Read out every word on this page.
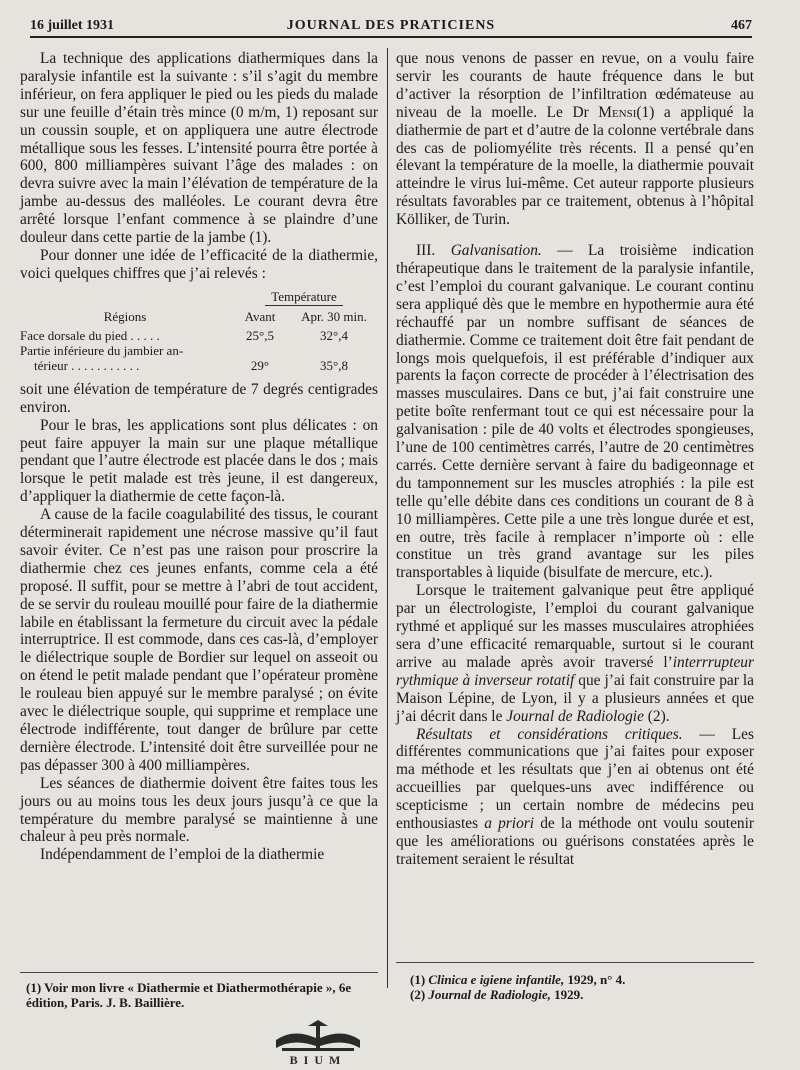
16 juillet 1931	JOURNAL DES PRATICIENS	467

La technique des applications diathermiques dans la paralysie infantile est la suivante : s’il s’agit du membre inférieur, on fera appliquer le pied ou les pieds du malade sur une feuille d’étain très mince (0 m/m, 1) reposant sur un coussin souple, et on appliquera une autre électrode métallique sous les fesses. L’intensité pourra être portée à 600, 800 milliampères suivant l’âge des malades : on devra suivre avec la main l’élévation de température de la jambe au-dessus des malléoles. Le courant devra être arrêté lorsque l’enfant commence à se plaindre d’une douleur dans cette partie de la jambe (1).

Pour donner une idée de l’efficacité de la diathermie, voici quelques chiffres que j’ai relevés :

	Température	
Régions	Avant	Apr. 30 min.
Face dorsale du pied . . . . .	25°,5	32°,4

Partie inférieure du jambier an-
térieur . . . . . . . . . . .	29°	35°,8

soit une élévation de température de 7 degrés centigrades environ.

Pour le bras, les applications sont plus délicates : on peut faire appuyer la main sur une plaque métallique pendant que l’autre électrode est placée dans le dos ; mais lorsque le petit malade est très jeune, il est dangereux, d’appliquer la diathermie de cette façon-là.

A cause de la facile coagulabilité des tissus, le courant déterminerait rapidement une nécrose massive qu’il faut savoir éviter. Ce n’est pas une raison pour proscrire la diathermie chez ces jeunes enfants, comme cela a été proposé. Il suffit, pour se mettre à l’abri de tout accident, de se servir du rouleau mouillé pour faire de la diathermie labile en établissant la fermeture du circuit avec la pédale interruptrice. Il est commode, dans ces cas-là, d’employer le diélectrique souple de Bordier sur lequel on asseoit ou on étend le petit malade pendant que l’opérateur promène le rouleau bien appuyé sur le membre paralysé ; on évite avec le diélectrique souple, qui supprime et remplace une électrode indifférente, tout danger de brûlure par cette dernière électrode. L’intensité doit être surveillée pour ne pas dépasser 300 à 400 milliampères.

Les séances de diathermie doivent être faites tous les jours ou au moins tous les deux jours jusqu’à ce que la température du membre paralysé se maintienne à une chaleur à peu près normale.

Indépendamment de l’emploi de la diathermie

que nous venons de passer en revue, on a voulu faire servir les courants de haute fréquence dans le but d’activer la résorption de l’infiltration œdémateuse au niveau de la moelle. Le Dr Mensi(1) a appliqué la diathermie de part et d’autre de la colonne vertébrale dans des cas de poliomyélite très récents. Il a pensé qu’en élevant la température de la moelle, la diathermie pouvait atteindre le virus lui-même. Cet auteur rapporte plusieurs résultats favorables par ce traitement, obtenus à l’hôpital Kölliker, de Turin.

III. Galvanisation. — La troisième indication thérapeutique dans le traitement de la paralysie infantile, c’est l’emploi du courant galvanique. Le courant continu sera appliqué dès que le membre en hypothermie aura été réchauffé par un nombre suffisant de séances de diathermie. Comme ce traitement doit être fait pendant de longs mois quelquefois, il est préférable d’indiquer aux parents la façon correcte de procéder à l’électrisation des masses musculaires. Dans ce but, j’ai fait construire une petite boîte renfermant tout ce qui est nécessaire pour la galvanisation : pile de 40 volts et électrodes spongieuses, l’une de 100 centimètres carrés, l’autre de 20 centimètres carrés. Cette dernière servant à faire du badigeonnage et du tamponnement sur les muscles atrophiés : la pile est telle qu’elle débite dans ces conditions un courant de 8 à 10 milliampères. Cette pile a une très longue durée et est, en outre, très facile à remplacer n’importe où : elle constitue un très grand avantage sur les piles transportables à liquide (bisulfate de mercure, etc.).

Lorsque le traitement galvanique peut être appliqué par un électrologiste, l’emploi du courant galvanique rythmé et appliqué sur les masses musculaires atrophiées sera d’une efficacité remarquable, surtout si le courant arrive au malade après avoir traversé l’interrrupteur rythmique à inverseur rotatif que j’ai fait construire par la Maison Lépine, de Lyon, il y a plusieurs années et que j’ai décrit dans le Journal de Radiologie (2).

Résultats et considérations critiques. — Les différentes communications que j’ai faites pour exposer ma méthode et les résultats que j’en ai obtenus ont été accueillies par quelques-uns avec indifférence ou scepticisme ; un certain nombre de médecins peu enthousiastes a priori de la méthode ont voulu soutenir que les améliorations ou guérisons constatées après le traitement seraient le résultat

(1) Voir mon livre « Diathermie et Diathermothérapie », 6e édition, Paris. J. B. Baillière.
(1) Clinica e igiene infantile, 1929, n° 4.
(2) Journal de Radiologie, 1929.
BIUM
